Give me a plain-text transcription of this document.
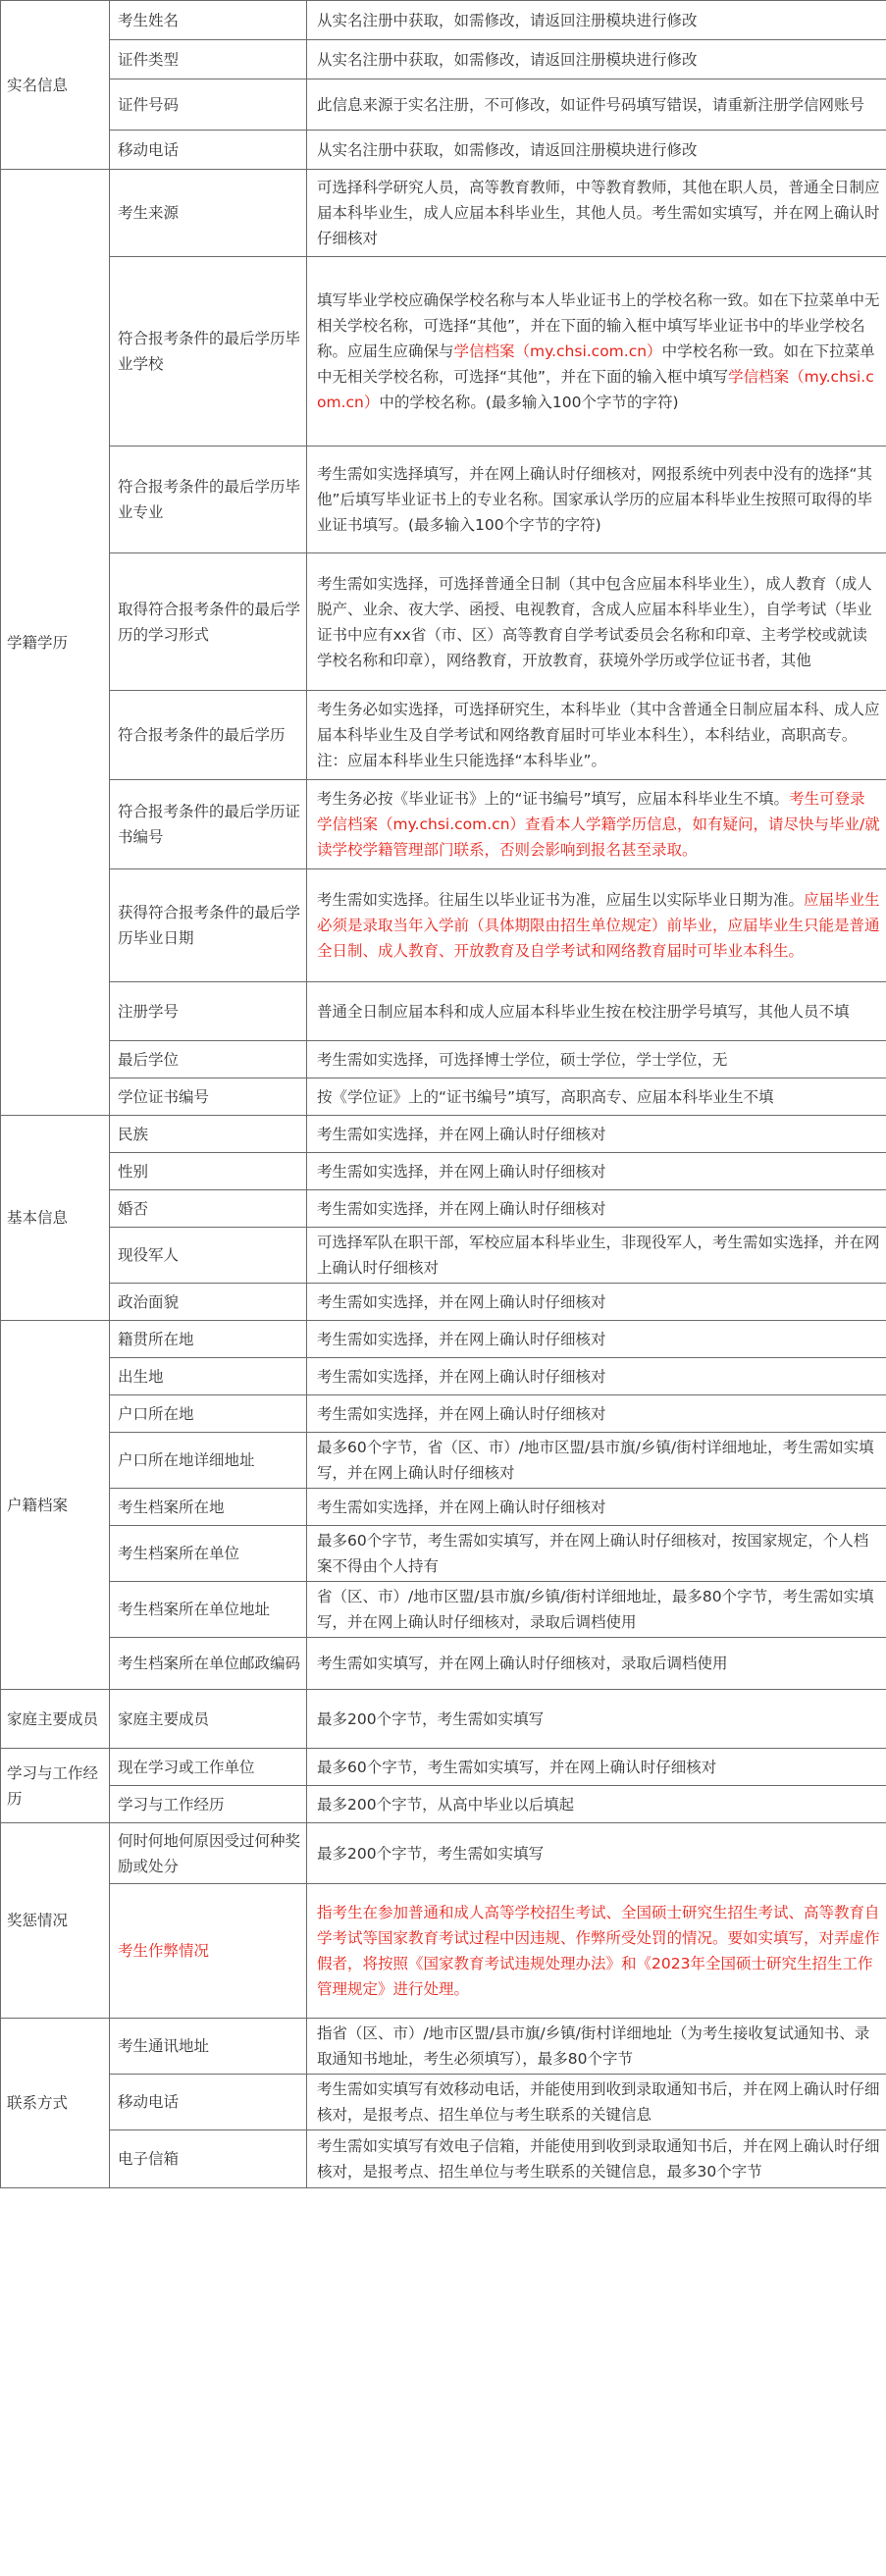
实名信息	考生姓名	从实名注册中获取，如需修改，请返回注册模块进行修改
	证件类型	从实名注册中获取，如需修改，请返回注册模块进行修改
	证件号码	此信息来源于实名注册，不可修改，如证件号码填写错误，请重新注册学信网账号
	移动电话	从实名注册中获取，如需修改，请返回注册模块进行修改
学籍学历	考生来源	可选择科学研究人员，高等教育教师，中等教育教师，其他在职人员，普通全日制应届本科毕业生，成人应届本科毕业生，其他人员。考生需如实填写，并在网上确认时仔细核对
	符合报考条件的最后学历毕业学校	填写毕业学校应确保学校名称与本人毕业证书上的学校名称一致。如在下拉菜单中无相关学校名称，可选择“其他”，并在下面的输入框中填写毕业证书中的毕业学校名称。应届生应确保与学信档案（my.chsi.com.cn）中学校名称一致。如在下拉菜单中无相关学校名称，可选择“其他”，并在下面的输入框中填写学信档案（my.chsi.com.cn）中的学校名称。(最多输入100个字节的字符)
	符合报考条件的最后学历毕业专业	考生需如实选择填写，并在网上确认时仔细核对，网报系统中列表中没有的选择“其他”后填写毕业证书上的专业名称。国家承认学历的应届本科毕业生按照可取得的毕业证书填写。(最多输入100个字节的字符)
	取得符合报考条件的最后学历的学习形式	考生需如实选择，可选择普通全日制（其中包含应届本科毕业生），成人教育（成人脱产、业余、夜大学、函授、电视教育，含成人应届本科毕业生），自学考试（毕业证书中应有xx省（市、区）高等教育自学考试委员会名称和印章、主考学校或就读学校名称和印章），网络教育，开放教育，获境外学历或学位证书者，其他
	符合报考条件的最后学历	考生务必如实选择，可选择研究生，本科毕业（其中含普通全日制应届本科、成人应届本科毕业生及自学考试和网络教育届时可毕业本科生），本科结业，高职高专。注：应届本科毕业生只能选择“本科毕业”。
	符合报考条件的最后学历证书编号	考生务必按《毕业证书》上的“证书编号”填写，应届本科毕业生不填。考生可登录学信档案（my.chsi.com.cn）查看本人学籍学历信息，如有疑问，请尽快与毕业/就读学校学籍管理部门联系，否则会影响到报名甚至录取。
	获得符合报考条件的最后学历毕业日期	考生需如实选择。往届生以毕业证书为准，应届生以实际毕业日期为准。应届毕业生必须是录取当年入学前（具体期限由招生单位规定）前毕业，应届毕业生只能是普通全日制、成人教育、开放教育及自学考试和网络教育届时可毕业本科生。
	注册学号	普通全日制应届本科和成人应届本科毕业生按在校注册学号填写，其他人员不填
	最后学位	考生需如实选择，可选择博士学位，硕士学位，学士学位，无
	学位证书编号	按《学位证》上的“证书编号”填写，高职高专、应届本科毕业生不填
基本信息	民族	考生需如实选择，并在网上确认时仔细核对
	性别	考生需如实选择，并在网上确认时仔细核对
	婚否	考生需如实选择，并在网上确认时仔细核对
	现役军人	可选择军队在职干部，军校应届本科毕业生，非现役军人，考生需如实选择，并在网上确认时仔细核对
	政治面貌	考生需如实选择，并在网上确认时仔细核对
户籍档案	籍贯所在地	考生需如实选择，并在网上确认时仔细核对
	出生地	考生需如实选择，并在网上确认时仔细核对
	户口所在地	考生需如实选择，并在网上确认时仔细核对
	户口所在地详细地址	最多60个字节，省（区、市）/地市区盟/县市旗/乡镇/街村详细地址，考生需如实填写，并在网上确认时仔细核对
	考生档案所在地	考生需如实选择，并在网上确认时仔细核对
	考生档案所在单位	最多60个字节，考生需如实填写，并在网上确认时仔细核对，按国家规定，个人档案不得由个人持有
	考生档案所在单位地址	省（区、市）/地市区盟/县市旗/乡镇/街村详细地址，最多80个字节，考生需如实填写，并在网上确认时仔细核对，录取后调档使用
	考生档案所在单位邮政编码	考生需如实填写，并在网上确认时仔细核对，录取后调档使用
家庭主要成员	家庭主要成员	最多200个字节，考生需如实填写
学习与工作经历	现在学习或工作单位	最多60个字节，考生需如实填写，并在网上确认时仔细核对
	学习与工作经历	最多200个字节，从高中毕业以后填起
奖惩情况	何时何地何原因受过何种奖励或处分	最多200个字节，考生需如实填写
	考生作弊情况	指考生在参加普通和成人高等学校招生考试、全国硕士研究生招生考试、高等教育自学考试等国家教育考试过程中因违规、作弊所受处罚的情况。要如实填写，对弄虚作假者，将按照《国家教育考试违规处理办法》和《2023年全国硕士研究生招生工作管理规定》进行处理。
联系方式	考生通讯地址	指省（区、市）/地市区盟/县市旗/乡镇/街村详细地址（为考生接收复试通知书、录取通知书地址，考生必须填写），最多80个字节
	移动电话	考生需如实填写有效移动电话，并能使用到收到录取通知书后，并在网上确认时仔细核对，是报考点、招生单位与考生联系的关键信息
	电子信箱	考生需如实填写有效电子信箱，并能使用到收到录取通知书后，并在网上确认时仔细核对，是报考点、招生单位与考生联系的关键信息，最多30个字节
